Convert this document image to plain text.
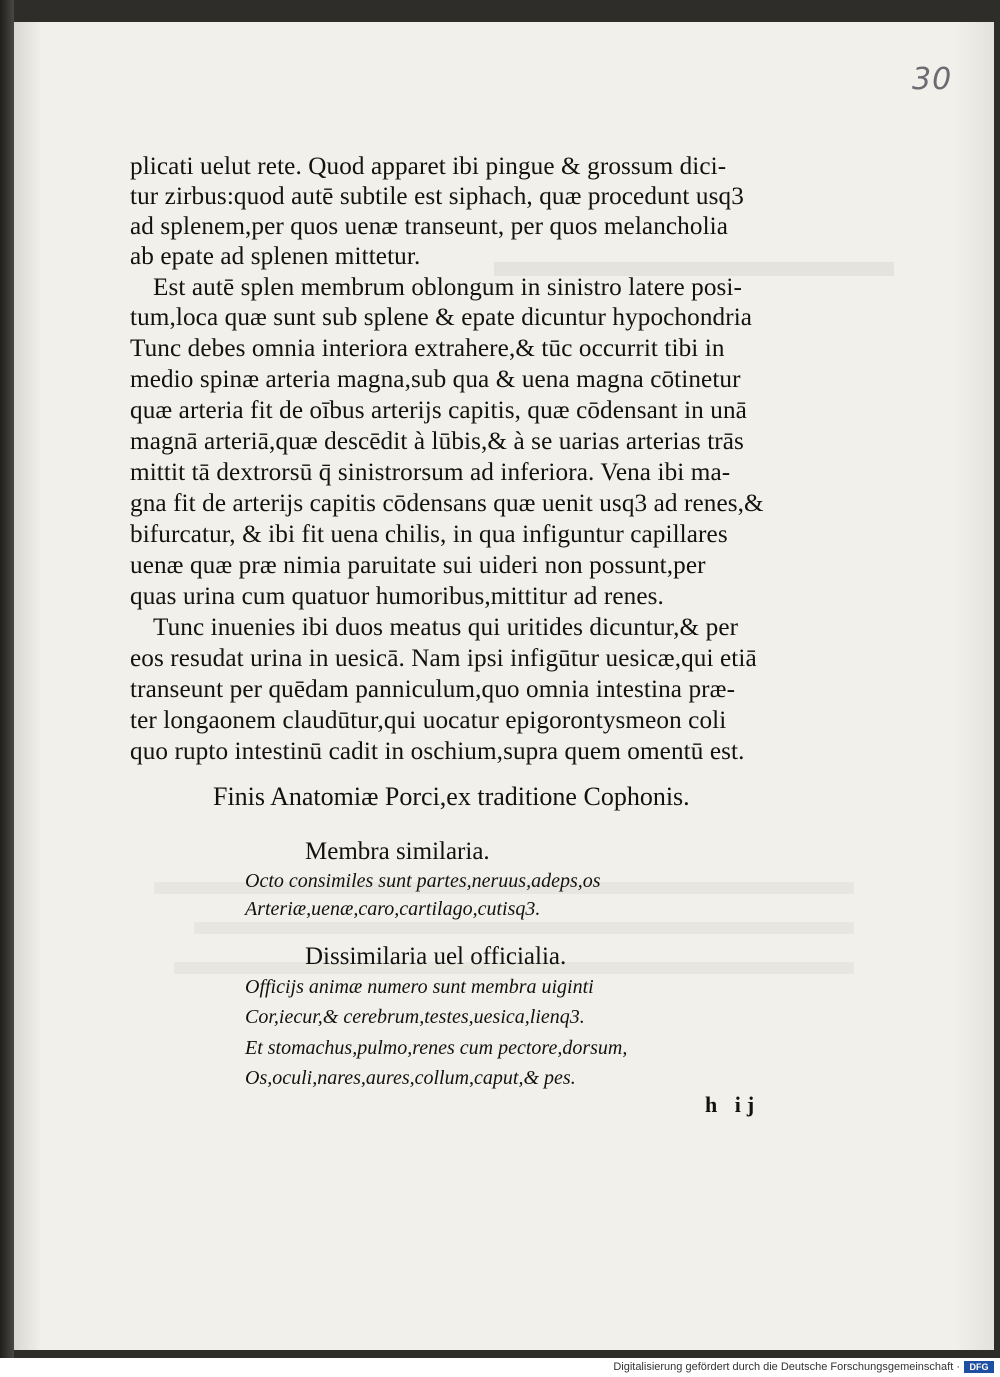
30
plicati uelut rete. Quod apparet ibi pingue & grossum dici-
tur zirbus:quod autē subtile est siphach, quæ procedunt usq3
ad splenem,per quos uenæ transeunt, per quos melancholia
ab epate ad splenen mittetur.
Est autē splen membrum oblongum in sinistro latere posi-
tum,loca quæ sunt sub splene & epate dicuntur hypochondria
Tunc debes omnia interiora extrahere,& tūc occurrit tibi in
medio spinæ arteria magna,sub qua & uena magna cōtinetur
quæ arteria fit de oībus arterijs capitis, quæ cōdensant in unā
magnā arteriā,quæ descēdit à lūbis,& à se uarias arterias trās
mittit tā dextrorsū q̄ sinistrorsum ad inferiora. Vena ibi ma-
gna fit de arterijs capitis cōdensans quæ uenit usq3 ad renes,&
bifurcatur, & ibi fit uena chilis, in qua infiguntur capillares
uenæ quæ præ nimia paruitate sui uideri non possunt,per
quas urina cum quatuor humoribus,mittitur ad renes.
Tunc inuenies ibi duos meatus qui uritides dicuntur,& per
eos resudat urina in uesicā. Nam ipsi infigūtur uesicæ,qui etiā
transeunt per quēdam panniculum,quo omnia intestina præ-
ter longaonem claudūtur,qui uocatur epigorontysmeon coli
quo rupto intestinū cadit in oschium,supra quem omentū est.
Finis Anatomiæ Porci,ex traditione Cophonis.
Membra similaria.
Octo consimiles sunt partes,neruus,adeps,os
Arteriæ,uenæ,caro,cartilago,cutisq3.
Dissimilaria uel officialia.
Officijs animæ numero sunt membra uiginti
Cor,iecur,& cerebrum,testes,uesica,lienq3.
Et stomachus,pulmo,renes cum pectore,dorsum,
Os,oculi,nares,aures,collum,caput,& pes.
h ij
Digitalisierung gefördert durch die Deutsche Forschungsgemeinschaft ·	DFG
